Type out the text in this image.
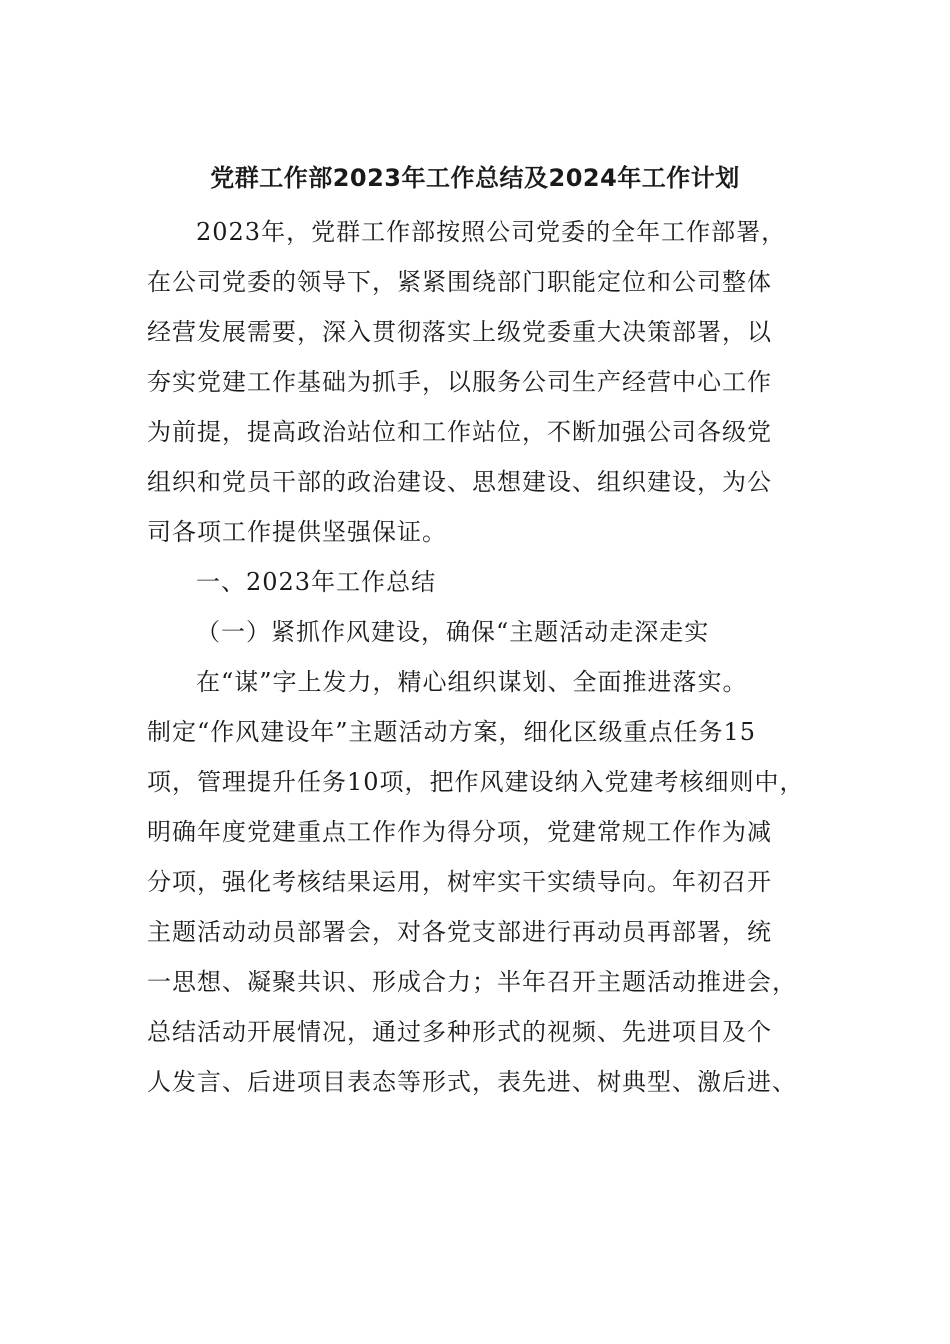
党群工作部2023年工作总结及2024年工作计划
2023年，党群工作部按照公司党委的全年工作部署，
在公司党委的领导下，紧紧围绕部门职能定位和公司整体
经营发展需要，深入贯彻落实上级党委重大决策部署，以
夯实党建工作基础为抓手，以服务公司生产经营中心工作
为前提，提高政治站位和工作站位，不断加强公司各级党
组织和党员干部的政治建设、思想建设、组织建设，为公
司各项工作提供坚强保证。
一、2023年工作总结
（一）紧抓作风建设，确保“主题活动走深走实
在“谋”字上发力，精心组织谋划、全面推进落实。
制定“作风建设年”主题活动方案，细化区级重点任务15
项，管理提升任务10项，把作风建设纳入党建考核细则中，
明确年度党建重点工作作为得分项，党建常规工作作为减
分项，强化考核结果运用，树牢实干实绩导向。年初召开
主题活动动员部署会，对各党支部进行再动员再部署，统
一思想、凝聚共识、形成合力；半年召开主题活动推进会，
总结活动开展情况，通过多种形式的视频、先进项目及个
人发言、后进项目表态等形式，表先进、树典型、激后进、
